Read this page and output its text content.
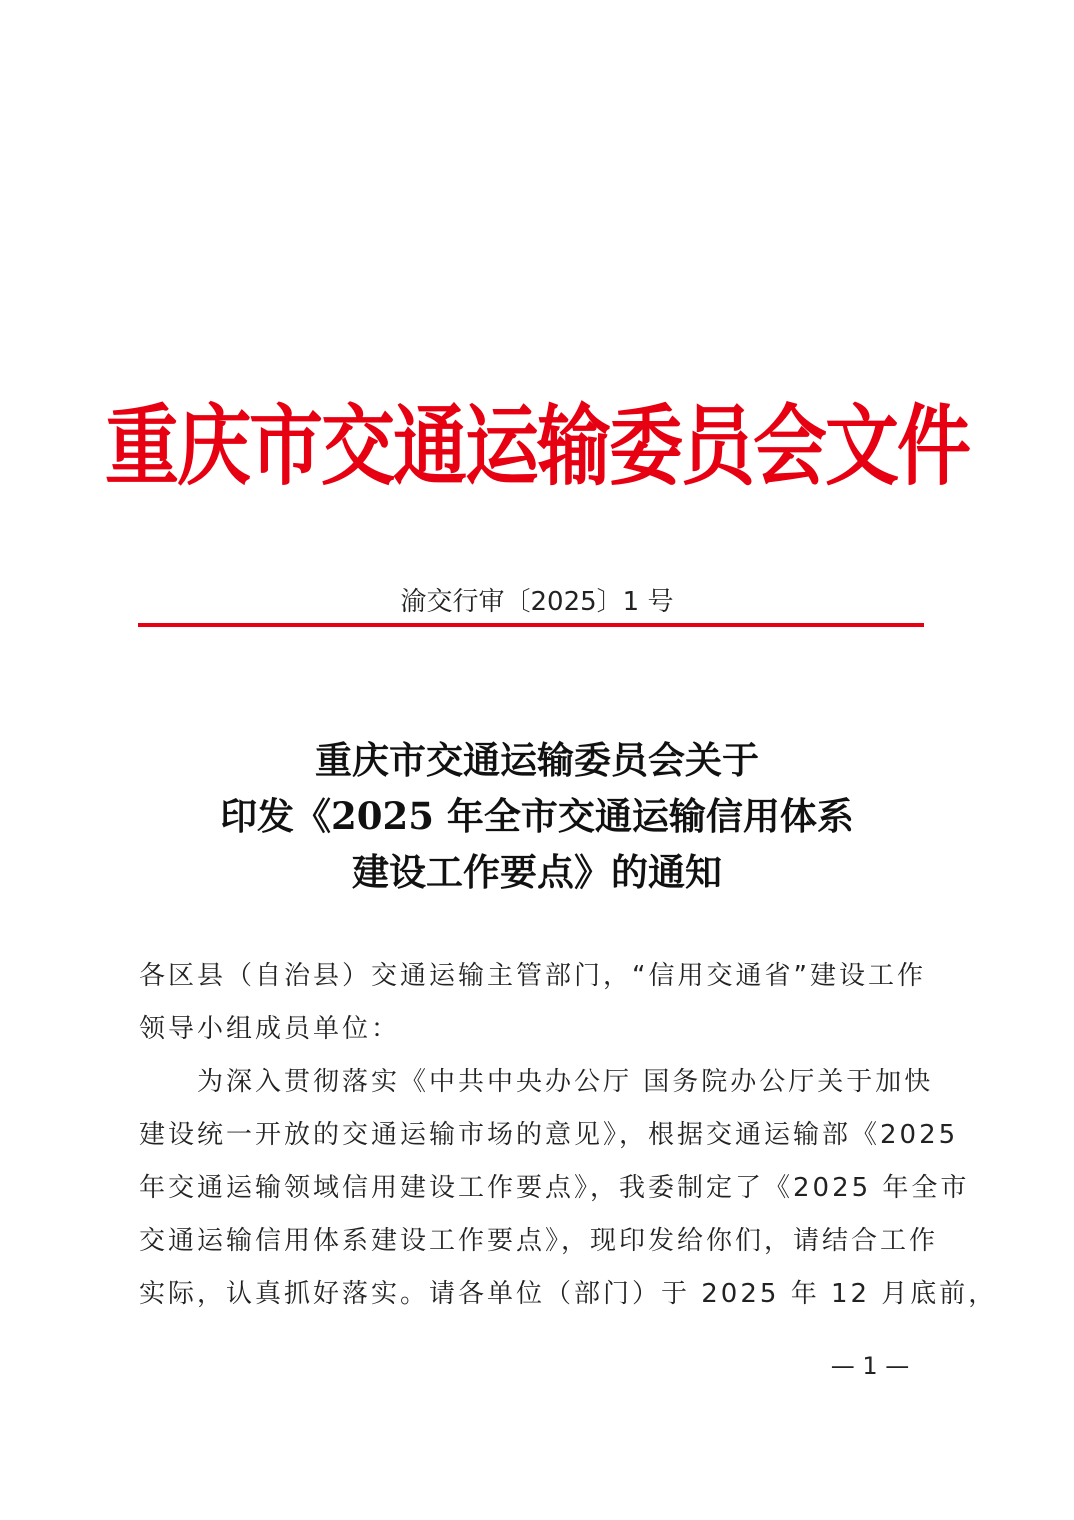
重庆市交通运输委员会文件
渝交行审〔2025〕1 号
重庆市交通运输委员会关于
印发《2025 年全市交通运输信用体系
建设工作要点》的通知
各区县（自治县）交通运输主管部门，“信用交通省”建设工作
领导小组成员单位：
　　为深入贯彻落实《中共中央办公厅 国务院办公厅关于加快
建设统一开放的交通运输市场的意见》，根据交通运输部《2025
年交通运输领域信用建设工作要点》，我委制定了《2025 年全市
交通运输信用体系建设工作要点》，现印发给你们，请结合工作
实际，认真抓好落实。请各单位（部门）于 2025 年 12 月底前，
— 1 —
